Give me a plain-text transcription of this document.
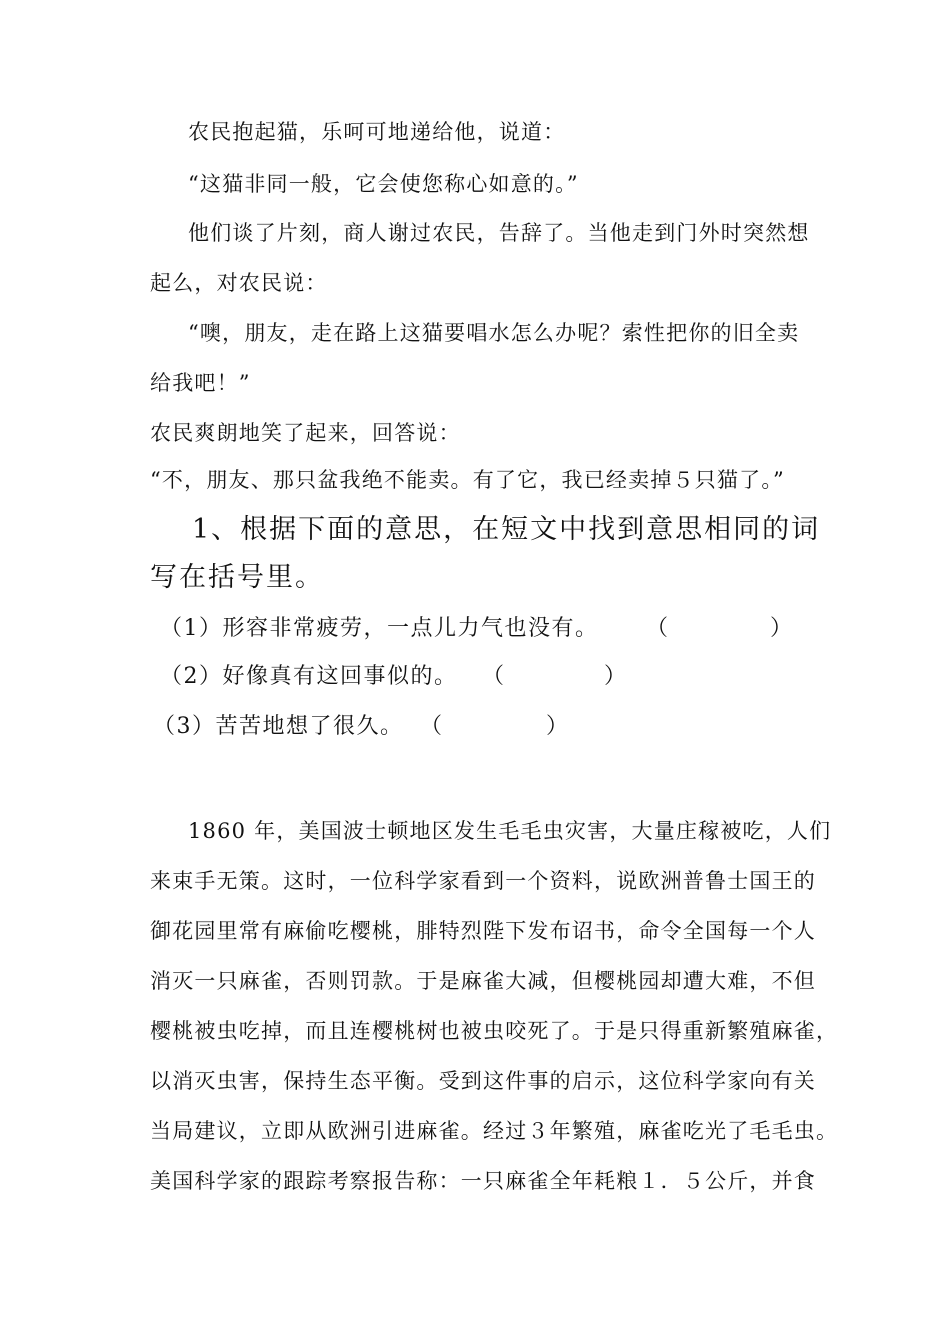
农民抱起猫，乐呵可地递给他，说道：
“这猫非同一般，它会使您称心如意的。”
他们谈了片刻，商人谢过农民，告辞了。当他走到门外时突然想
起么，对农民说：
“噢，朋友，走在路上这猫要唱水怎么办呢？索性把你的旧全卖
给我吧！”
农民爽朗地笑了起来，回答说：
“不，朋友、那只盆我绝不能卖。有了它，我已经卖掉５只猫了。”
1、根据下面的意思，在短文中找到意思相同的词
写在括号里。
（1）形容非常疲劳，一点儿力气也没有。 （	）
（2）好像真有这回事似的。 （	）
（3）苦苦地想了很久。 （	）
1860 年，美国波士顿地区发生毛毛虫灾害，大量庄稼被吃，人们
来束手无策。这时，一位科学家看到一个资料，说欧洲普鲁士国王的
御花园里常有麻偷吃樱桃，腓特烈陛下发布诏书，命令全国每一个人
消灭一只麻雀，否则罚款。于是麻雀大减，但樱桃园却遭大难，不但
樱桃被虫吃掉，而且连樱桃树也被虫咬死了。于是只得重新繁殖麻雀，
以消灭虫害，保持生态平衡。受到这件事的启示，这位科学家向有关
当局建议，立即从欧洲引进麻雀。经过３年繁殖，麻雀吃光了毛毛虫。
美国科学家的跟踪考察报告称：一只麻雀全年耗粮１．５公斤，并食
